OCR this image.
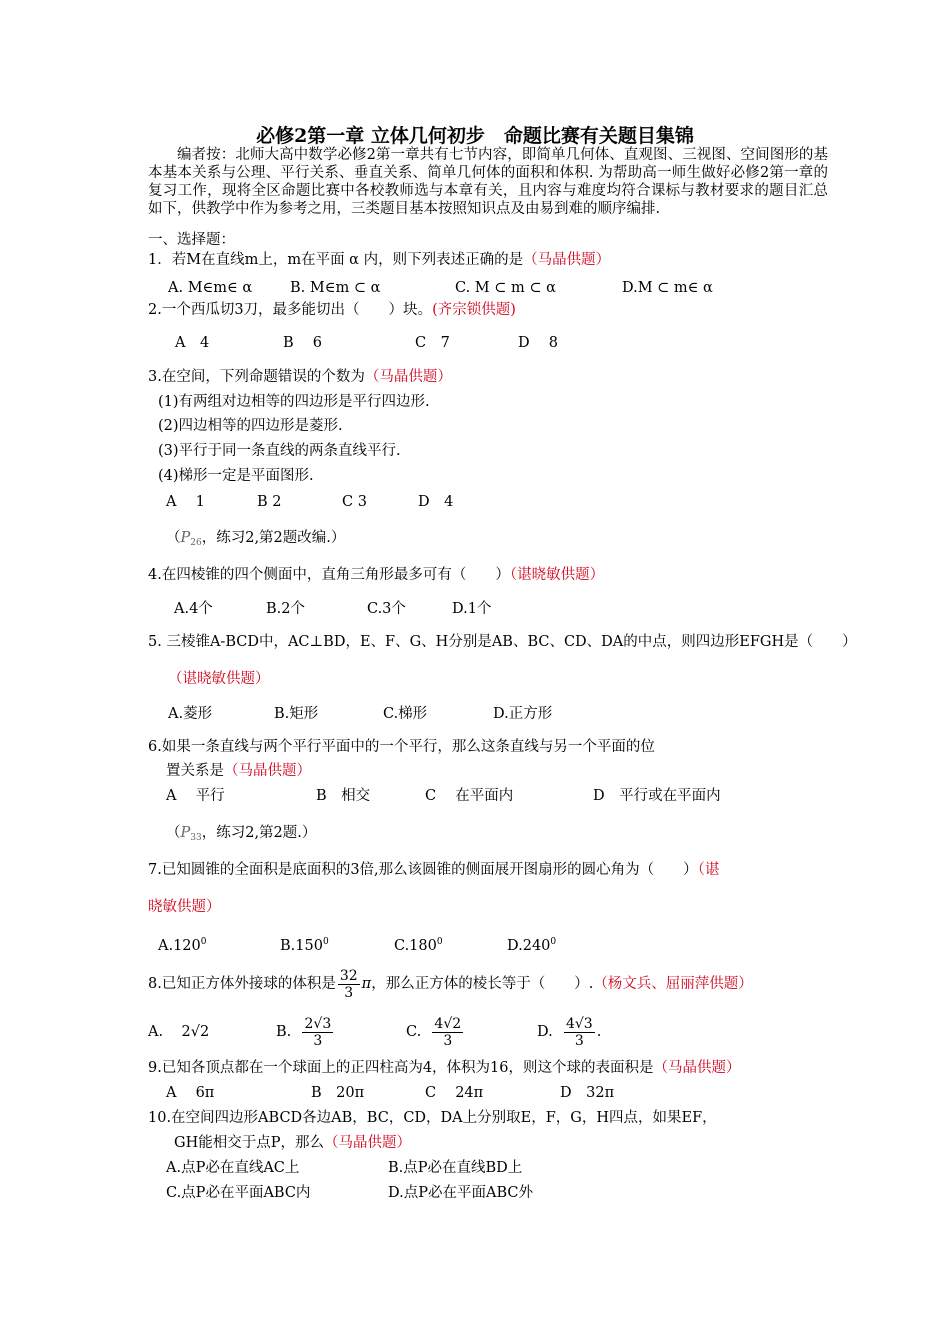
必修2第一章 立体几何初步　命题比赛有关题目集锦
编者按：北师大高中数学必修2第一章共有七节内容，即简单几何体、直观图、三视图、空间图形的基本基本关系与公理、平行关系、垂直关系、简单几何体的面积和体积. 为帮助高一师生做好必修2第一章的复习工作，现将全区命题比赛中各校教师选与本章有关，且内容与难度均符合课标与教材要求的题目汇总如下，供教学中作为参考之用，三类题目基本按照知识点及由易到难的顺序编排.
一、选择题：
1．若M在直线m上，m在平面 α 内，则下列表述正确的是（马晶供题）
A. M∈m∈ α	B. M∈m ⊂ α	C. M ⊂ m ⊂ α	D.M ⊂ m∈ α
2.一个西瓜切3刀，最多能切出（　　）块。(齐宗锁供题)
A　4	B　 6	C　7	D　 8
3.在空间，下列命题错误的个数为（马晶供题）
(1)有两组对边相等的四边形是平行四边形.
(2)四边相等的四边形是菱形.
(3)平行于同一条直线的两条直线平行.
(4)梯形一定是平面图形.
A　 1	B 2	C 3	D　4
（$P_{26}$，练习2,第2题改编.）
4.在四棱锥的四个侧面中，直角三角形最多可有（　　）（谌晓敏供题）
A.4个	B.2个	C.3个	D.1个
5. 三棱锥A-BCD中，AC⊥BD，E、F、G、H分别是AB、BC、CD、DA的中点，则四边形EFGH是（　　）
（谌晓敏供题）
A.菱形	B.矩形	C.梯形	D.正方形
6.如果一条直线与两个平行平面中的一个平行，那么这条直线与另一个平面的位
置关系是（马晶供题）
A　 平行	B　相交	C　 在平面内	D　平行或在平面内
（$P_{33}$，练习2,第2题.）
7.已知圆锥的全面积是底面积的3倍,那么该圆锥的侧面展开图扇形的圆心角为（　　）（谌
晓敏供题）
A.120$^0$	B.150$^0$	C.180$^0$	D.240$^0$
8.已知正方体外接球的体积是 $\frac{32}{3}$ π，那么正方体的棱长等于（　　）.（杨文兵、屈丽萍供题）
A. 2√2	B. $\frac{2√3}{3}$	C. $\frac{4√2}{3}$	D. $\frac{4√3}{3}$ .
9.已知各顶点都在一个球面上的正四柱高为4，体积为16，则这个球的表面积是（马晶供题）
A　 6π	B　20π	C　 24π	D　32π
10.在空间四边形ABCD各边AB，BC，CD，DA上分别取E，F，G，H四点，如果EF，
GH能相交于点P，那么（马晶供题）
A.点P必在直线AC上	B.点P必在直线BD上
C.点P必在平面ABC内	D.点P必在平面ABC外
